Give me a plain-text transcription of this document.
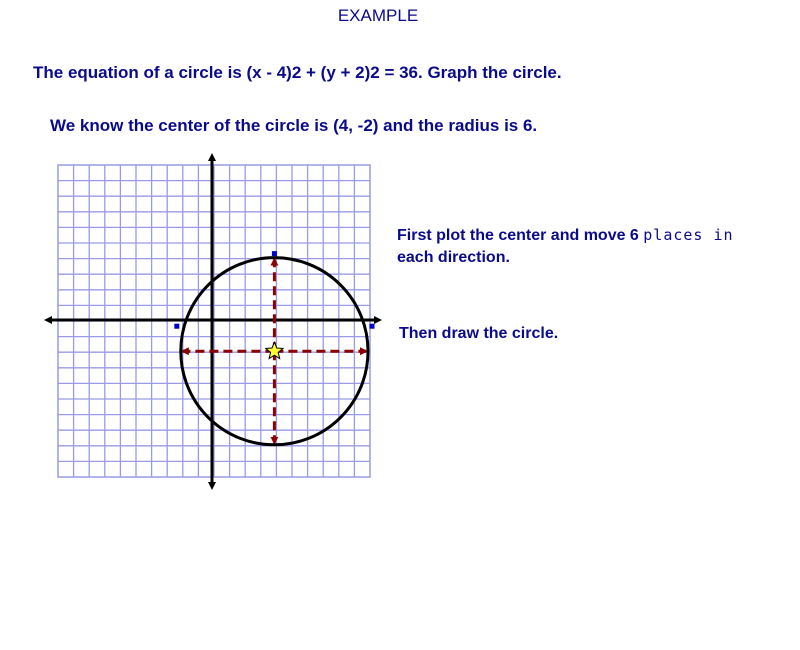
EXAMPLE
The equation of a circle is (x - 4)2 + (y + 2)2 = 36. Graph the circle.
We know the center of the circle is (4, -2) and the radius is 6.
First plot the center and move 6 places in
each direction.
Then draw the circle.
